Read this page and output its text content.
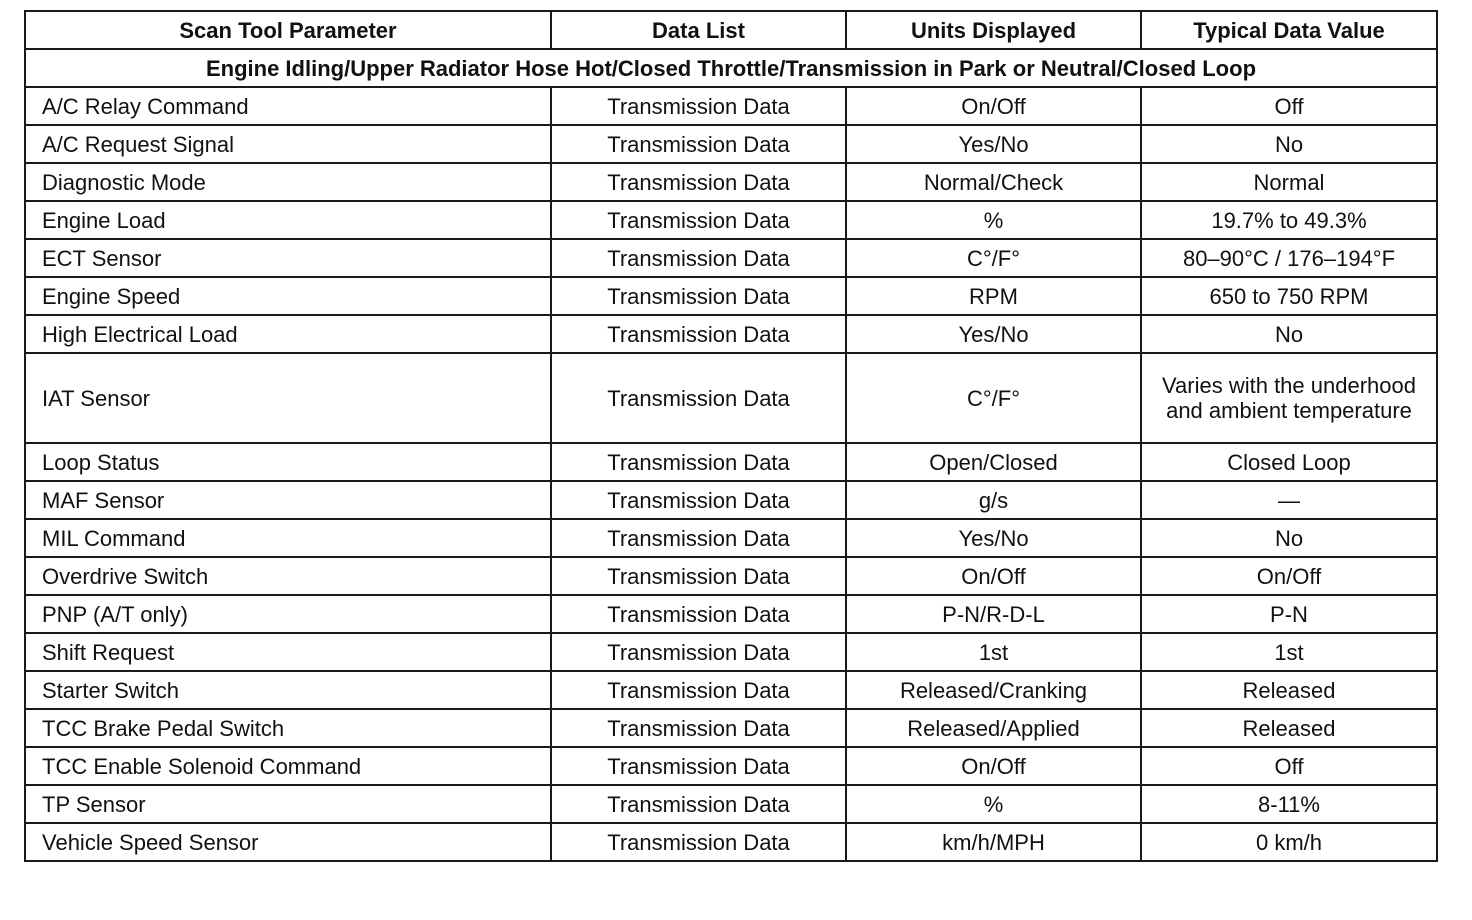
Scan Tool Parameter	Data List	Units Displayed	Typical Data Value
Engine Idling/Upper Radiator Hose Hot/Closed Throttle/Transmission in Park or Neutral/Closed Loop			
A/C Relay Command	Transmission Data	On/Off	Off
A/C Request Signal	Transmission Data	Yes/No	No
Diagnostic Mode	Transmission Data	Normal/Check	Normal
Engine Load	Transmission Data	%	19.7% to 49.3%
ECT Sensor	Transmission Data	C°/F°	80–90°C / 176–194°F
Engine Speed	Transmission Data	RPM	650 to 750 RPM
High Electrical Load	Transmission Data	Yes/No	No
IAT Sensor	Transmission Data	C°/F°	Varies with the underhood and ambient temperature
Loop Status	Transmission Data	Open/Closed	Closed Loop
MAF Sensor	Transmission Data	g/s	—
MIL Command	Transmission Data	Yes/No	No
Overdrive Switch	Transmission Data	On/Off	On/Off
PNP (A/T only)	Transmission Data	P-N/R-D-L	P-N
Shift Request	Transmission Data	1st	1st
Starter Switch	Transmission Data	Released/Cranking	Released
TCC Brake Pedal Switch	Transmission Data	Released/Applied	Released
TCC Enable Solenoid Command	Transmission Data	On/Off	Off
TP Sensor	Transmission Data	%	8-11%
Vehicle Speed Sensor	Transmission Data	km/h/MPH	0 km/h
